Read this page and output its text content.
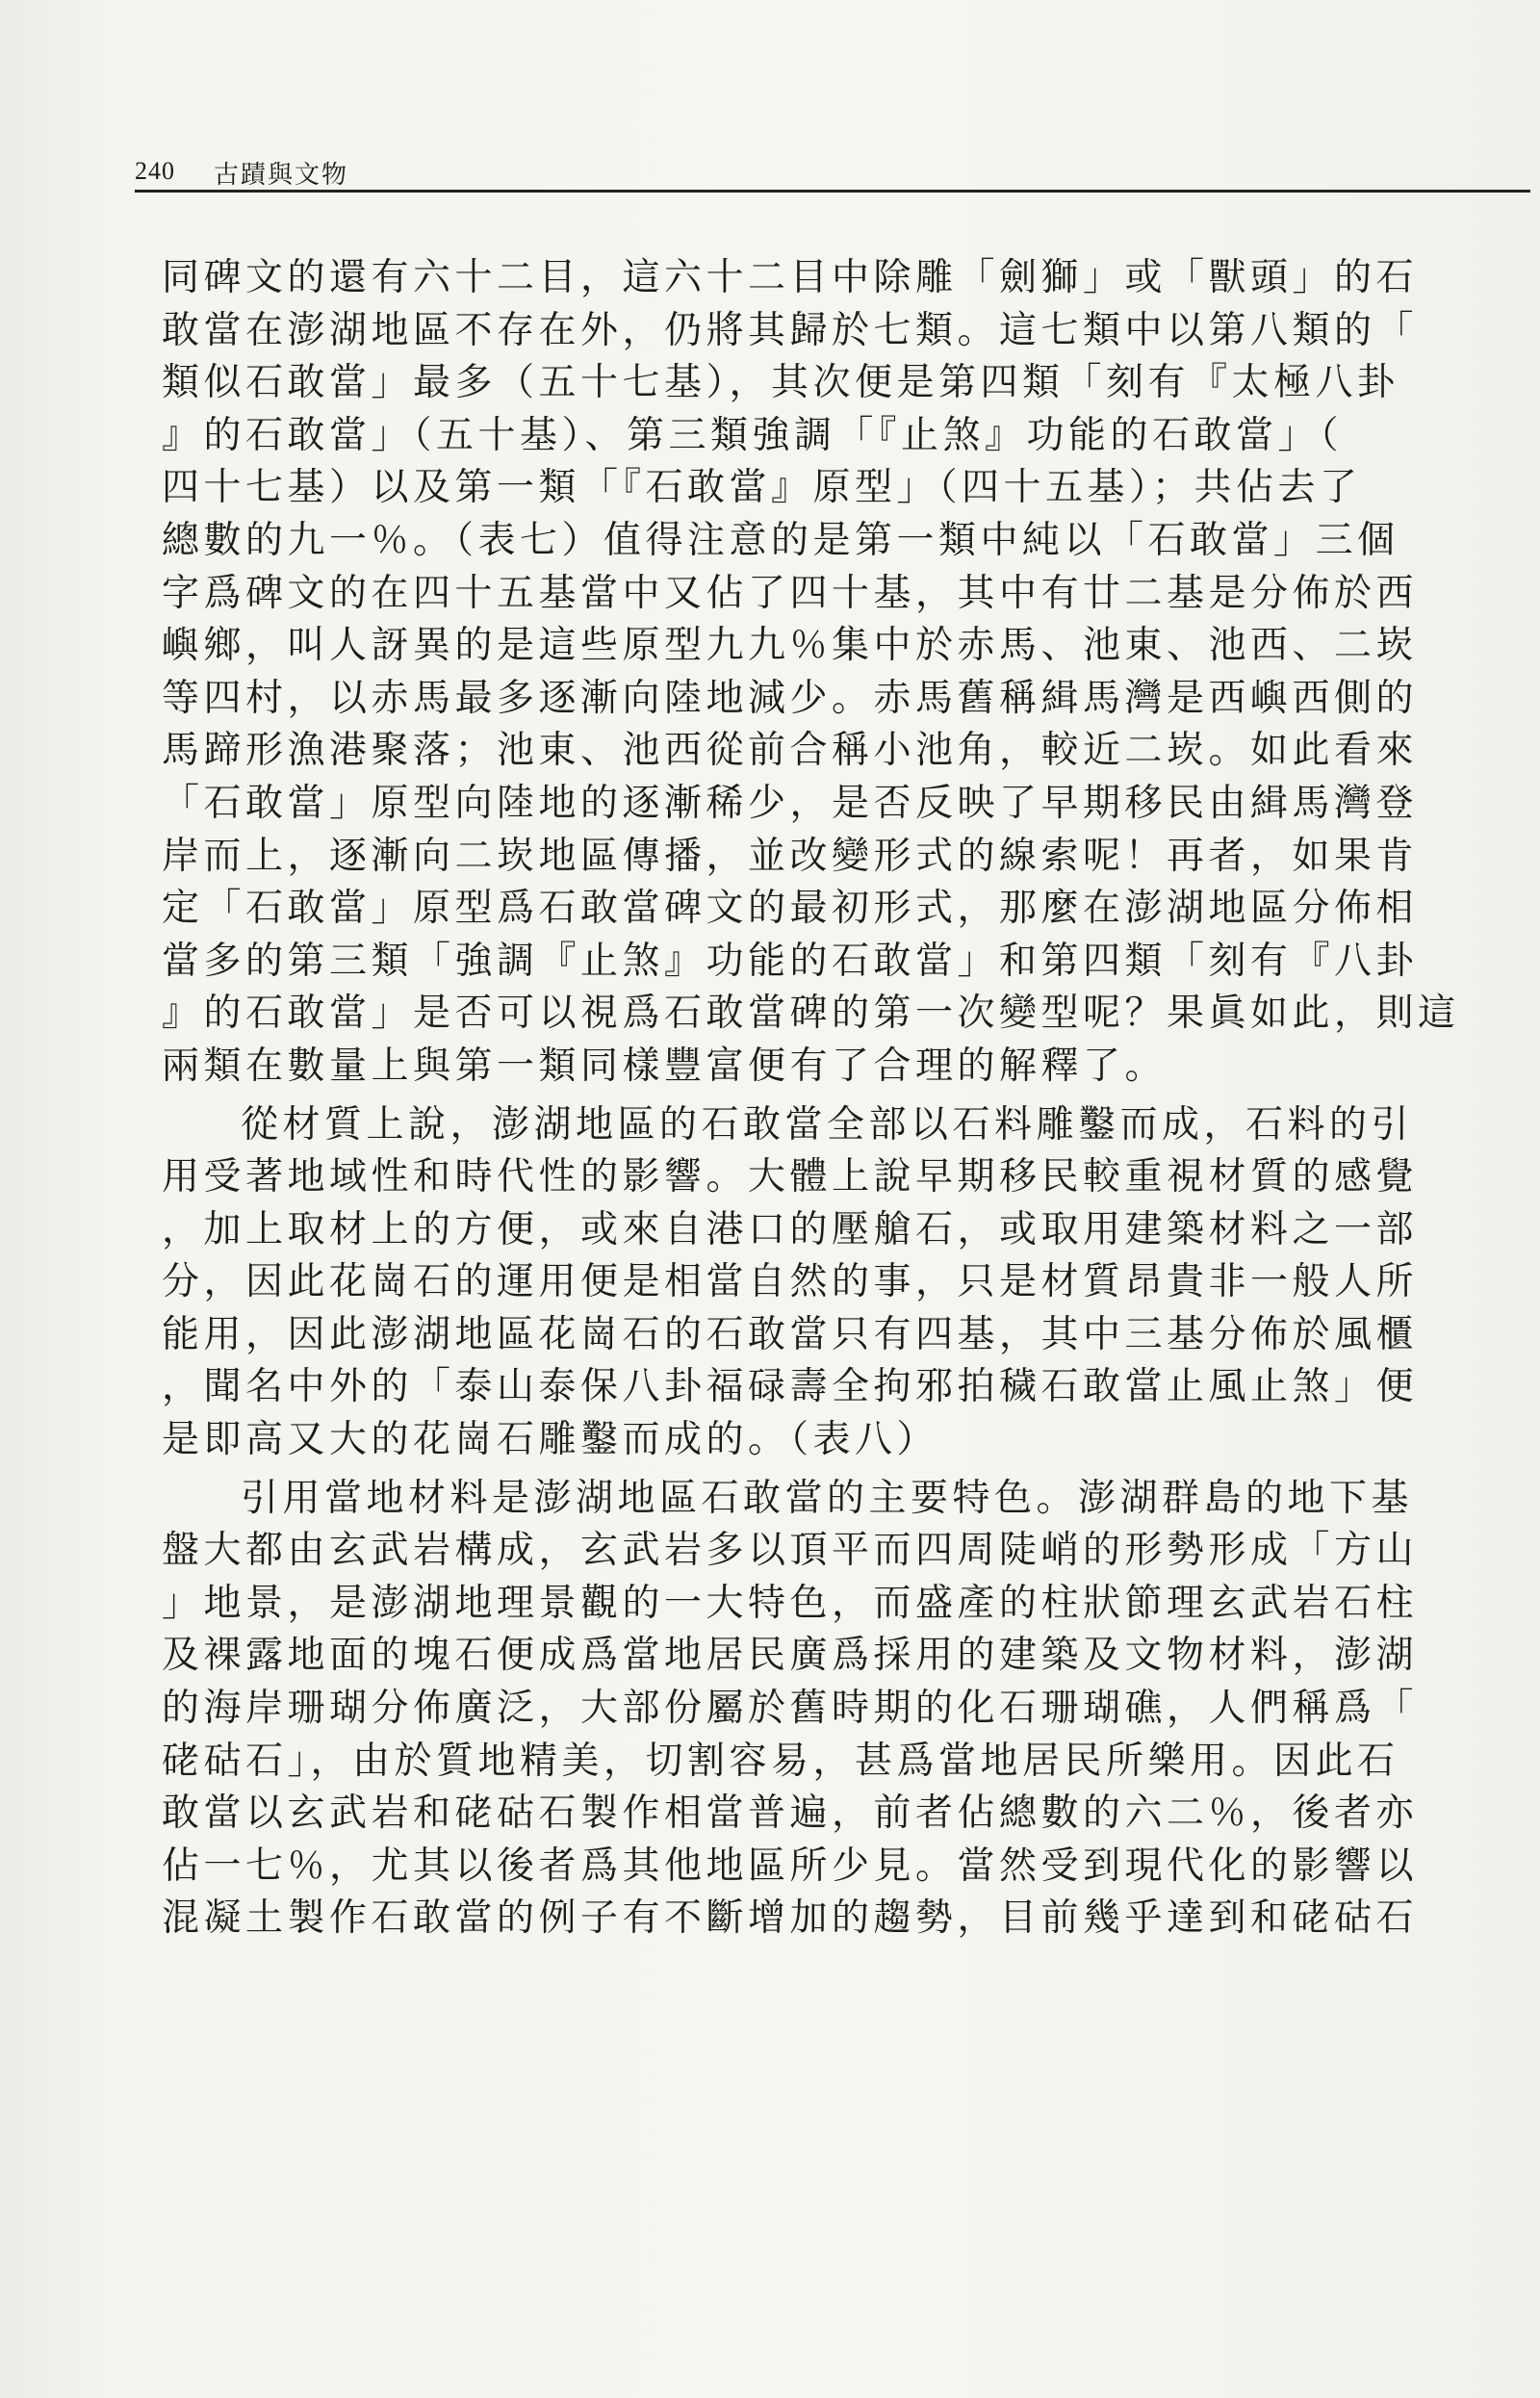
240 古蹟與文物
同碑文的還有六十二目，這六十二目中除雕「劍獅」或「獸頭」的石
敢當在澎湖地區不存在外，仍將其歸於七類。這七類中以第八類的「
類似石敢當」最多（五十七基），其次便是第四類「刻有『太極八卦
』的石敢當」（五十基）、第三類強調「『止煞』功能的石敢當」（
四十七基）以及第一類「『石敢當』原型」（四十五基）；共佔去了
總數的九一％。（表七）值得注意的是第一類中純以「石敢當」三個
字爲碑文的在四十五基當中又佔了四十基，其中有廿二基是分佈於西
嶼鄉，叫人訝異的是這些原型九九％集中於赤馬、池東、池西、二崁
等四村，以赤馬最多逐漸向陸地減少。赤馬舊稱緝馬灣是西嶼西側的
馬蹄形漁港聚落；池東、池西從前合稱小池角，較近二崁。如此看來
「石敢當」原型向陸地的逐漸稀少，是否反映了早期移民由緝馬灣登
岸而上，逐漸向二崁地區傳播，並改變形式的線索呢！再者，如果肯
定「石敢當」原型爲石敢當碑文的最初形式，那麼在澎湖地區分佈相
當多的第三類「強調『止煞』功能的石敢當」和第四類「刻有『八卦
』的石敢當」是否可以視爲石敢當碑的第一次變型呢？果眞如此，則這
兩類在數量上與第一類同樣豐富便有了合理的解釋了。
從材質上說，澎湖地區的石敢當全部以石料雕鑿而成，石料的引
用受著地域性和時代性的影響。大體上說早期移民較重視材質的感覺
，加上取材上的方便，或來自港口的壓艙石，或取用建築材料之一部
分，因此花崗石的運用便是相當自然的事，只是材質昂貴非一般人所
能用，因此澎湖地區花崗石的石敢當只有四基，其中三基分佈於風櫃
，聞名中外的「泰山泰保八卦福碌壽全拘邪拍穢石敢當止風止煞」便
是即高又大的花崗石雕鑿而成的。（表八）
引用當地材料是澎湖地區石敢當的主要特色。澎湖群島的地下基
盤大都由玄武岩構成，玄武岩多以頂平而四周陡峭的形勢形成「方山
」地景，是澎湖地理景觀的一大特色，而盛產的柱狀節理玄武岩石柱
及裸露地面的塊石便成爲當地居民廣爲採用的建築及文物材料，澎湖
的海岸珊瑚分佈廣泛，大部份屬於舊時期的化石珊瑚礁，人們稱爲「
硓𥑮石」，由於質地精美，切割容易，甚爲當地居民所樂用。因此石
敢當以玄武岩和硓𥑮石製作相當普遍，前者佔總數的六二％，後者亦
佔一七％，尤其以後者爲其他地區所少見。當然受到現代化的影響以
混凝土製作石敢當的例子有不斷增加的趨勢，目前幾乎達到和硓𥑮石
